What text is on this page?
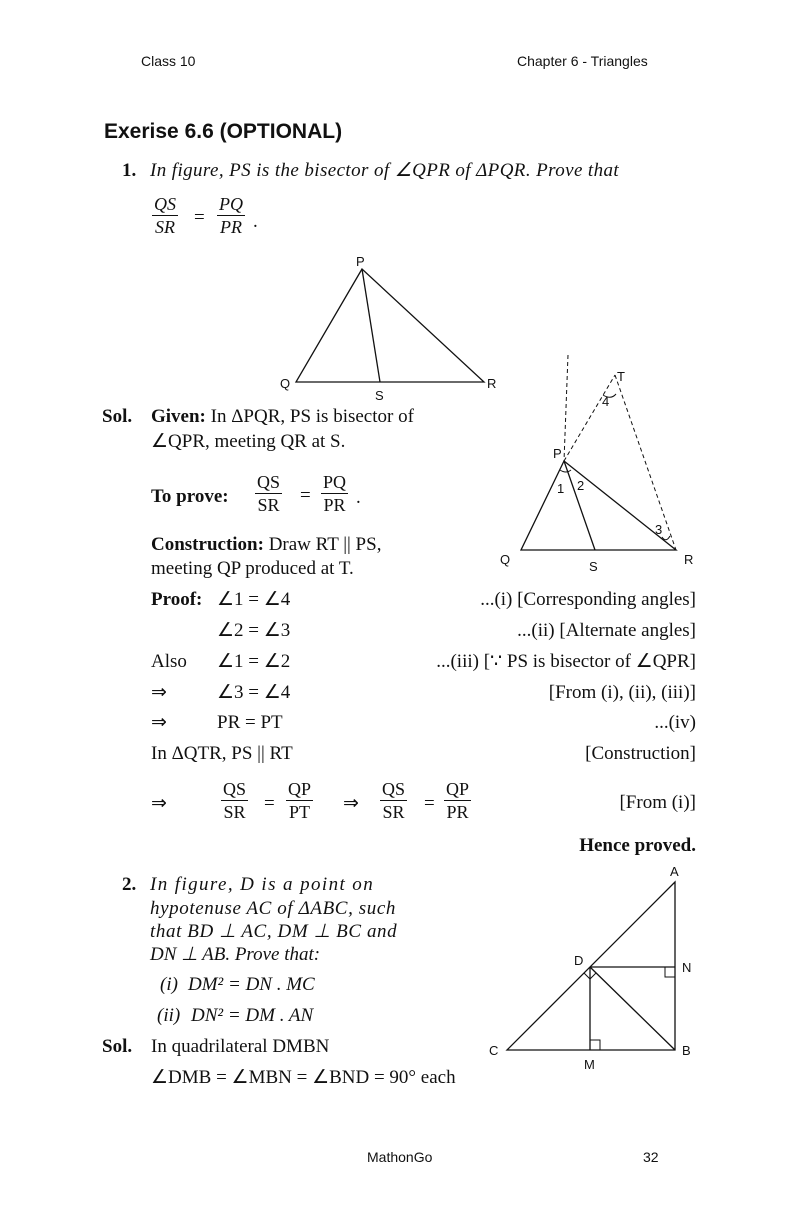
Class 10	Chapter 6 - Triangles
Exerise 6.6 (OPTIONAL)
1. In figure, PS is the bisector of ∠QPR of ΔPQR. Prove that
$\frac{QS}{SR} = \frac{PQ}{PR}$ .
P
Q	R
S
P
Q	R
S
T
1 2
3
4
Sol. Given: In ΔPQR, PS is bisector of
∠QPR, meeting QR at S.
To prove: $\frac{QS}{SR} = \frac{PQ}{PR}$ .
Construction: Draw RT || PS,
meeting QP produced at T.
Proof: ∠1 = ∠4	...(i) [Corresponding angles]
∠2 = ∠3	...(ii) [Alternate angles]
Also ∠1 = ∠2	...(iii) [∵ PS is bisector of ∠QPR]
⇒	∠3 = ∠4	[From (i), (ii), (iii)]
⇒	PR = PT	...(iv)
In ΔQTR, PS || RT	[Construction]
⇒	$\frac{QS}{SR} = \frac{QP}{PT}$ ⇒ $\frac{QS}{SR} = \frac{QP}{PR}$	[From (i)]
Hence proved.
2. In figure, D is a point on
hypotenuse AC of ΔABC, such
that BD ⊥ AC, DM ⊥ BC and
DN ⊥ AB. Prove that:
(i) DM² = DN . MC
(ii) DN² = DM . AN
A
B
C
D
M
N
Sol. In quadrilateral DMBN
∠DMB = ∠MBN = ∠BND = 90° each
MathonGo	32
